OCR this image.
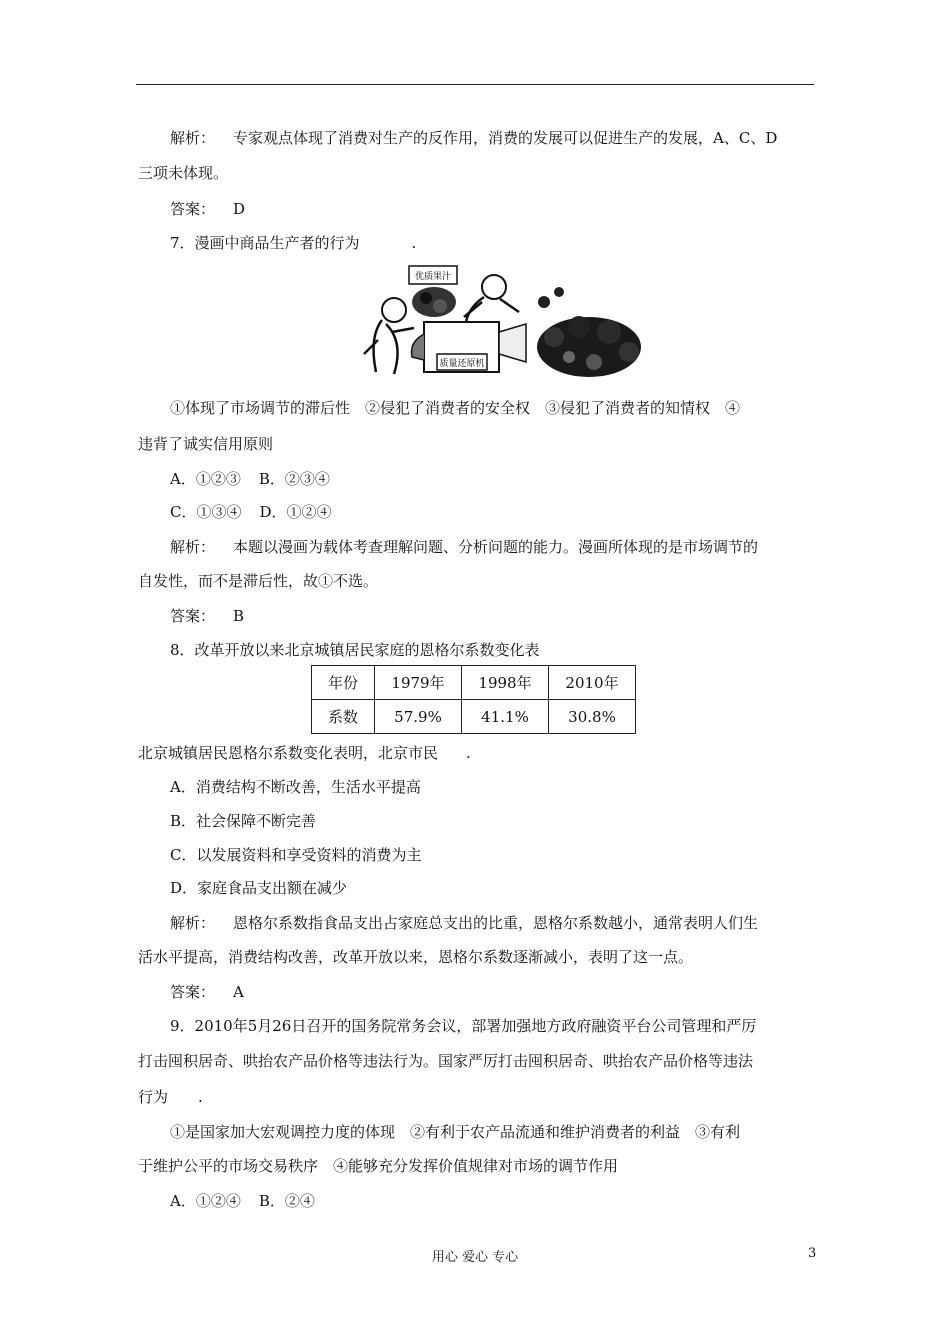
解析： 专家观点体现了消费对生产的反作用，消费的发展可以促进生产的发展，A、C、D
三项未体现。
答案： D
7．漫画中商品生产者的行为	.
优质果汁
质量还原机
①体现了市场调节的滞后性　②侵犯了消费者的安全权　③侵犯了消费者的知情权　④
违背了诚实信用原则
A．①②③ B．②③④
C．①③④ D．①②④
解析： 本题以漫画为载体考查理解问题、分析问题的能力。漫画所体现的是市场调节的
自发性，而不是滞后性，故①不选。
答案： B
8．改革开放以来北京城镇居民家庭的恩格尔系数变化表
年份	1979年	1998年	2010年
系数	57.9%	41.1%	30.8%
北京城镇居民恩格尔系数变化表明，北京市民 .
A．消费结构不断改善，生活水平提高
B．社会保障不断完善
C．以发展资料和享受资料的消费为主
D．家庭食品支出额在减少
解析： 恩格尔系数指食品支出占家庭总支出的比重，恩格尔系数越小，通常表明人们生
活水平提高，消费结构改善，改革开放以来，恩格尔系数逐渐减小，表明了这一点。
答案： A
9．2010年5月26日召开的国务院常务会议，部署加强地方政府融资平台公司管理和严厉
打击囤积居奇、哄抬农产品价格等违法行为。国家严厉打击囤积居奇、哄抬农产品价格等违法
行为 .
①是国家加大宏观调控力度的体现　②有利于农产品流通和维护消费者的利益　③有利
于维护公平的市场交易秩序　④能够充分发挥价值规律对市场的调节作用
A．①②④ B．②④
用心 爱心 专心	3
